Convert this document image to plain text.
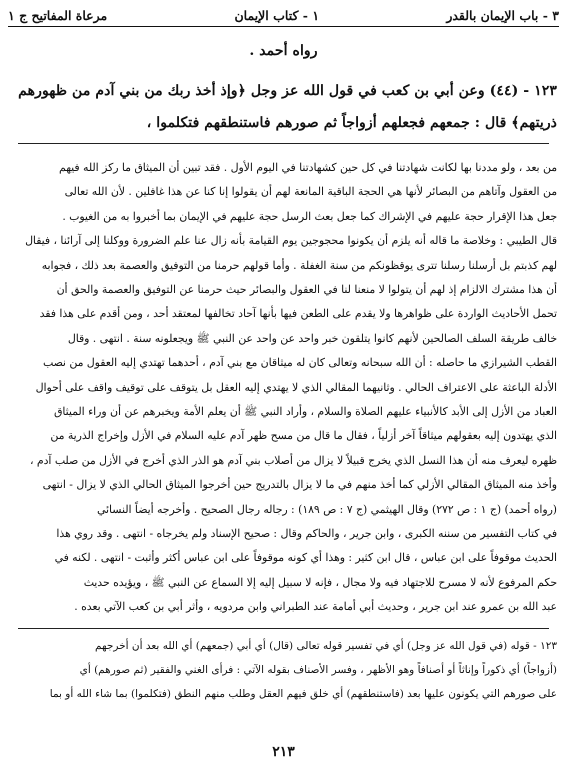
٣ - باب الإيمان بالقدر
١ - كتاب الإيمان
مرعاة المفاتيح ج ١
رواه أحمد .
١٢٣ - (٤٤) وعن أبي بن كعب في قول الله عز وجل ﴿وإذ أخذ ربك من بني آدم من ظهورهم
ذريتهم﴾ قال : جمعهم فجعلهم أزواجاً ثم صورهم فاستنطقهم فتكلموا ،
من بعد ، ولو مددنا بها لكانت شهادتنا في كل حين كشهادتنا في اليوم الأول . فقد تبين أن الميثاق ما ركز الله فيهم
من العقول وآتاهم من البصائر لأنها هي الحجة الباقية المانعة لهم أن يقولوا إنا كنا عن هذا غافلين . لأن الله تعالى
جعل هذا الإقرار حجة عليهم في الإشراك كما جعل بعث الرسل حجة عليهم في الإيمان بما أخبروا به من الغيوب .
قال الطيبي : وخلاصة ما قاله أنه يلزم أن يكونوا محجوجين يوم القيامة بأنه زال عنا علم الضرورة ووكلنا إلى آرائنا ، فيقال
لهم كذبتم بل أرسلنا رسلنا تترى يوقظونكم من سنة الغفلة . وأما قولهم حرمنا من التوفيق والعصمة بعد ذلك ، فجوابه
أن هذا مشترك الالزام إذ لهم أن يتولوا لا منعنا لنا في العقول والبصائر حيث حرمنا عن التوفيق والعصمة والحق أن
تحمل الأحاديث الواردة على ظواهرها ولا يقدم على الطعن فيها بأنها آحاد تخالفها لمعتقد أحد ، ومن أقدم على هذا فقد
خالف طريقة السلف الصالحين لأنهم كانوا يتلقون خبر واحد عن واحد عن النبي ﷺ ويجعلونه سنة . انتهى . وقال
القطب الشيرازي ما حاصله : أن الله سبحانه وتعالى كان له ميثاقان مع بني آدم ، أحدهما تهتدي إليه العقول من نصب
الأدلة الباعثة على الاعتراف الحالي . وثانيهما المقالي الذي لا يهتدي إليه العقل بل يتوقف على توقيف واقف على أحوال
العباد من الأزل إلى الأبد كالأنبياء عليهم الصلاة والسلام ، وأراد النبي ﷺ أن يعلم الأمة ويخبرهم عن أن وراء الميثاق
الذي يهتدون إليه بعقولهم ميثاقاً آخر أزلياً ، فقال ما قال من مسح ظهر آدم عليه السلام في الأزل وإخراج الذرية من
ظهره ليعرف منه أن هذا النسل الذي يخرج قبيلاً لا يزال من أصلاب بني آدم هو الذر الذي أخرج في الأزل من صلب آدم ،
وأخذ منه الميثاق المقالي الأزلي كما أخذ منهم في ما لا يزال بالتدريج حين أخرجوا الميثاق الحالي الذي لا يزال - انتهى
(رواه أحمد) (ج ١ : ص ٢٧٢) وقال الهيثمي (ج ٧ : ص ١٨٩) : رجاله رجال الصحيح . وأخرجه أيضاً النسائي
في كتاب التفسير من سننه الكبرى ، وابن جرير ، والحاكم وقال : صحيح الإسناد ولم يخرجاه - انتهى . وقد روي هذا
الحديث موقوفاً على ابن عباس ، قال ابن كثير : وهذا أي كونه موقوفاً على ابن عباس أكثر وأثبت - انتهى . لكنه في
حكم المرفوع لأنه لا مسرح للاجتهاد فيه ولا مجال ، فإنه لا سبيل إليه إلا السماع عن النبي ﷺ ، ويؤيده حديث
عبد الله بن عمرو عند ابن جرير ، وحديث أبي أمامة عند الطبراني وابن مردويه ، وأثر أبي بن كعب الآتي بعده .
١٢٣ - قوله (في قول الله عز وجل) أي في تفسير قوله تعالى (قال) أي أبي (جمعهم) أي الله بعد أن أخرجهم
(أزواجاً) أي ذكوراً وإناثاً أو أصنافاً وهو الأظهر ، وفسر الأصناف بقوله الآتي : فرأى الغني والفقير (ثم صورهم) أي
على صورهم التي يكونون عليها بعد (فاستنطقهم) أي خلق فيهم العقل وطلب منهم النطق (فتكلموا) بما شاء الله أو بما
٢١٣
